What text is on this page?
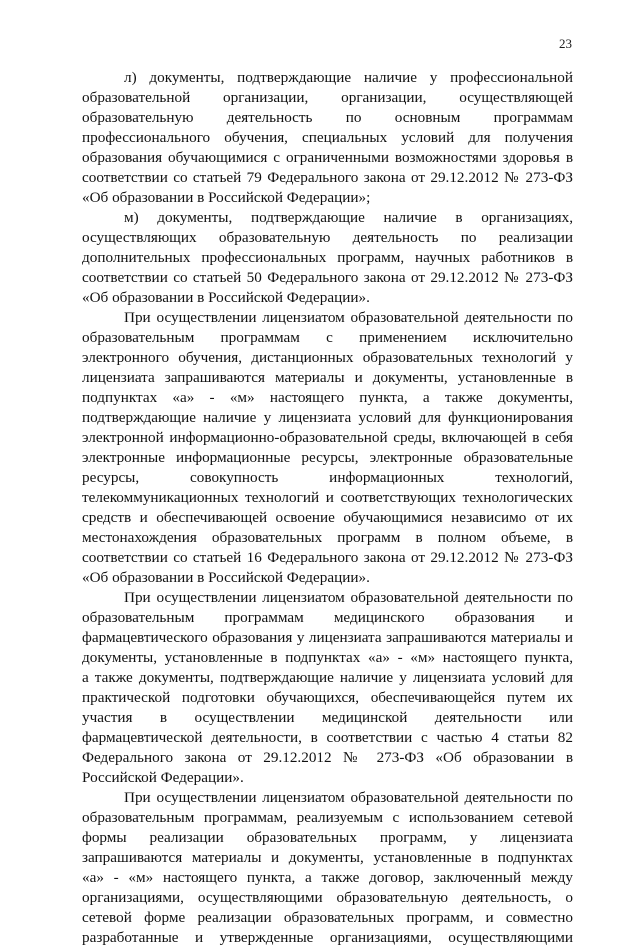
23
л) документы, подтверждающие наличие у профессиональной
образовательной организации, организации, осуществляющей
образовательную деятельность по основным программам
профессионального обучения, специальных условий для получения
образования обучающимися с ограниченными возможностями здоровья в
соответствии со статьей 79 Федерального закона от 29.12.2012 № 273-ФЗ
«Об образовании в Российской Федерации»;
м) документы, подтверждающие наличие в организациях,
осуществляющих образовательную деятельность по реализации
дополнительных профессиональных программ, научных работников в
соответствии со статьей 50 Федерального закона от 29.12.2012 № 273-ФЗ
«Об образовании в Российской Федерации».
При осуществлении лицензиатом образовательной деятельности по
образовательным программам с применением исключительно
электронного обучения, дистанционных образовательных технологий у
лицензиата запрашиваются материалы и документы, установленные в
подпунктах «а» - «м» настоящего пункта, а также документы,
подтверждающие наличие у лицензиата условий для функционирования
электронной информационно-образовательной среды, включающей в себя
электронные информационные ресурсы, электронные образовательные
ресурсы, совокупность информационных технологий,
телекоммуникационных технологий и соответствующих технологических
средств и обеспечивающей освоение обучающимися независимо от их
местонахождения образовательных программ в полном объеме, в
соответствии со статьей 16 Федерального закона от 29.12.2012 № 273-ФЗ
«Об образовании в Российской Федерации».
При осуществлении лицензиатом образовательной деятельности по
образовательным программам медицинского образования и
фармацевтического образования у лицензиата запрашиваются материалы и
документы, установленные в подпунктах «а» - «м» настоящего пункта,
а также документы, подтверждающие наличие у лицензиата условий для
практической подготовки обучающихся, обеспечивающейся путем их
участия в осуществлении медицинской деятельности или
фармацевтической деятельности, в соответствии с частью 4 статьи 82
Федерального закона от 29.12.2012 № 273-ФЗ «Об образовании в
Российской Федерации».
При осуществлении лицензиатом образовательной деятельности по
образовательным программам, реализуемым с использованием сетевой
формы реализации образовательных программ, у лицензиата
запрашиваются материалы и документы, установленные в подпунктах
«а» - «м» настоящего пункта, а также договор, заключенный между
организациями, осуществляющими образовательную деятельность, о
сетевой форме реализации образовательных программ, и совместно
разработанные и утвержденные организациями, осуществляющими
